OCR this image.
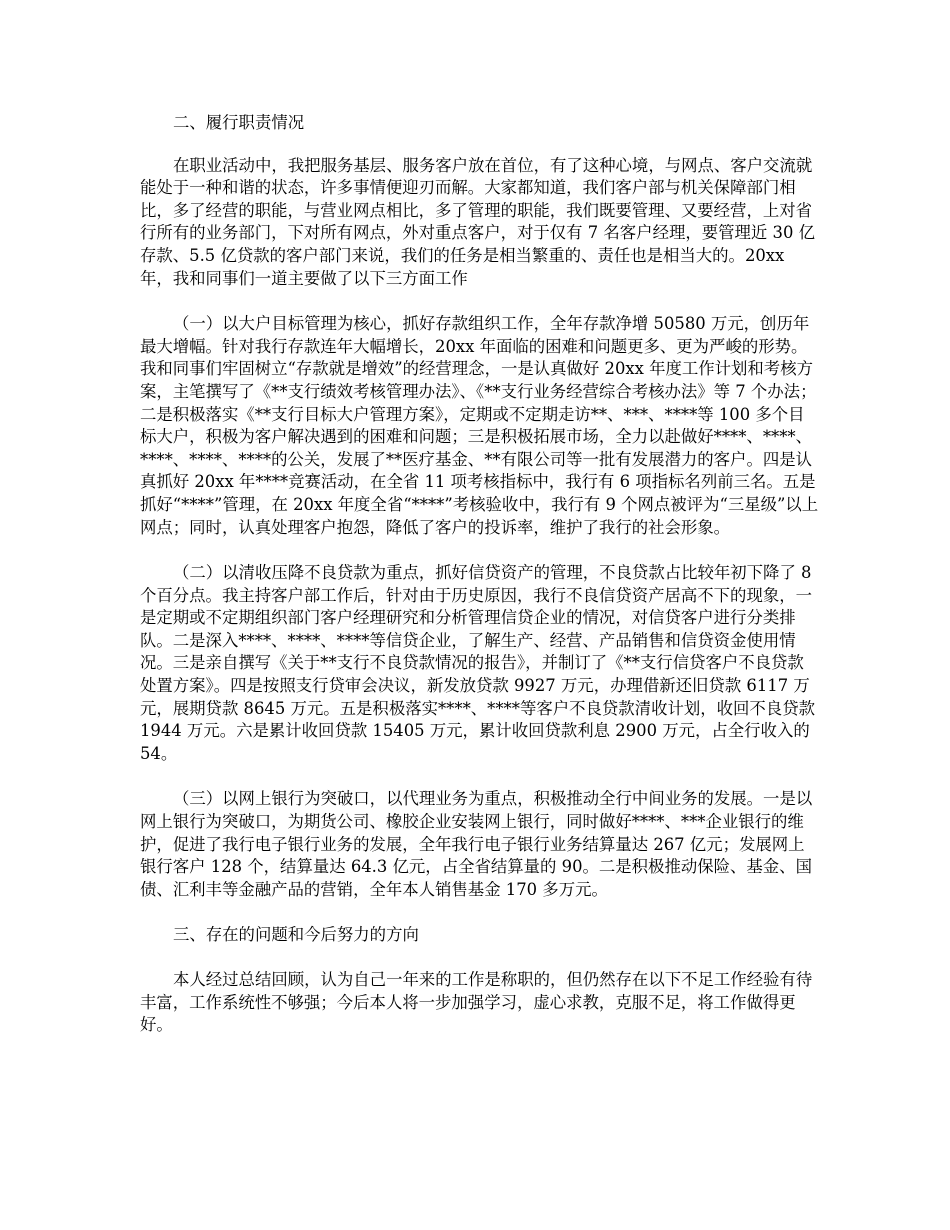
二、履行职责情况

在职业活动中，我把服务基层、服务客户放在首位，有了这种心境，与网点、客户交流就能处于一种和谐的状态，许多事情便迎刃而解。大家都知道，我们客户部与机关保障部门相比，多了经营的职能，与营业网点相比，多了管理的职能，我们既要管理、又要经营，上对省行所有的业务部门，下对所有网点，外对重点客户，对于仅有 7 名客户经理，要管理近 30 亿存款、5.5 亿贷款的客户部门来说，我们的任务是相当繁重的、责任也是相当大的。20xx 年，我和同事们一道主要做了以下三方面工作

（一）以大户目标管理为核心，抓好存款组织工作，全年存款净增 50580 万元，创历年最大增幅。针对我行存款连年大幅增长，20xx 年面临的困难和问题更多、更为严峻的形势。我和同事们牢固树立“存款就是增效”的经营理念，一是认真做好 20xx 年度工作计划和考核方案，主笔撰写了《**支行绩效考核管理办法》、《**支行业务经营综合考核办法》等 7 个办法；二是积极落实《**支行目标大户管理方案》，定期或不定期走访**、***、****等 100 多个目标大户，积极为客户解决遇到的困难和问题；三是积极拓展市场，全力以赴做好****、****、****、****、****的公关，发展了**医疗基金、**有限公司等一批有发展潜力的客户。四是认真抓好 20xx 年****竞赛活动，在全省 11 项考核指标中，我行有 6 项指标名列前三名。五是抓好“****”管理，在 20xx 年度全省“****”考核验收中，我行有 9 个网点被评为“三星级”以上网点；同时，认真处理客户抱怨，降低了客户的投诉率，维护了我行的社会形象。

（二）以清收压降不良贷款为重点，抓好信贷资产的管理，不良贷款占比较年初下降了 8 个百分点。我主持客户部工作后，针对由于历史原因，我行不良信贷资产居高不下的现象，一是定期或不定期组织部门客户经理研究和分析管理信贷企业的情况，对信贷客户进行分类排队。二是深入****、****、****等信贷企业，了解生产、经营、产品销售和信贷资金使用情况。三是亲自撰写《关于**支行不良贷款情况的报告》，并制订了《**支行信贷客户不良贷款处置方案》。四是按照支行贷审会决议，新发放贷款 9927 万元，办理借新还旧贷款 6117 万元，展期贷款 8645 万元。五是积极落实****、****等客户不良贷款清收计划，收回不良贷款 1944 万元。六是累计收回贷款 15405 万元，累计收回贷款利息 2900 万元，占全行收入的 54。

（三）以网上银行为突破口，以代理业务为重点，积极推动全行中间业务的发展。一是以网上银行为突破口，为期货公司、橡胶企业安装网上银行，同时做好****、***企业银行的维护，促进了我行电子银行业务的发展，全年我行电子银行业务结算量达 267 亿元；发展网上银行客户 128 个，结算量达 64.3 亿元，占全省结算量的 90。二是积极推动保险、基金、国债、汇利丰等金融产品的营销，全年本人销售基金 170 多万元。

三、存在的问题和今后努力的方向

本人经过总结回顾，认为自己一年来的工作是称职的，但仍然存在以下不足工作经验有待丰富，工作系统性不够强；今后本人将一步加强学习，虚心求教，克服不足，将工作做得更好。
